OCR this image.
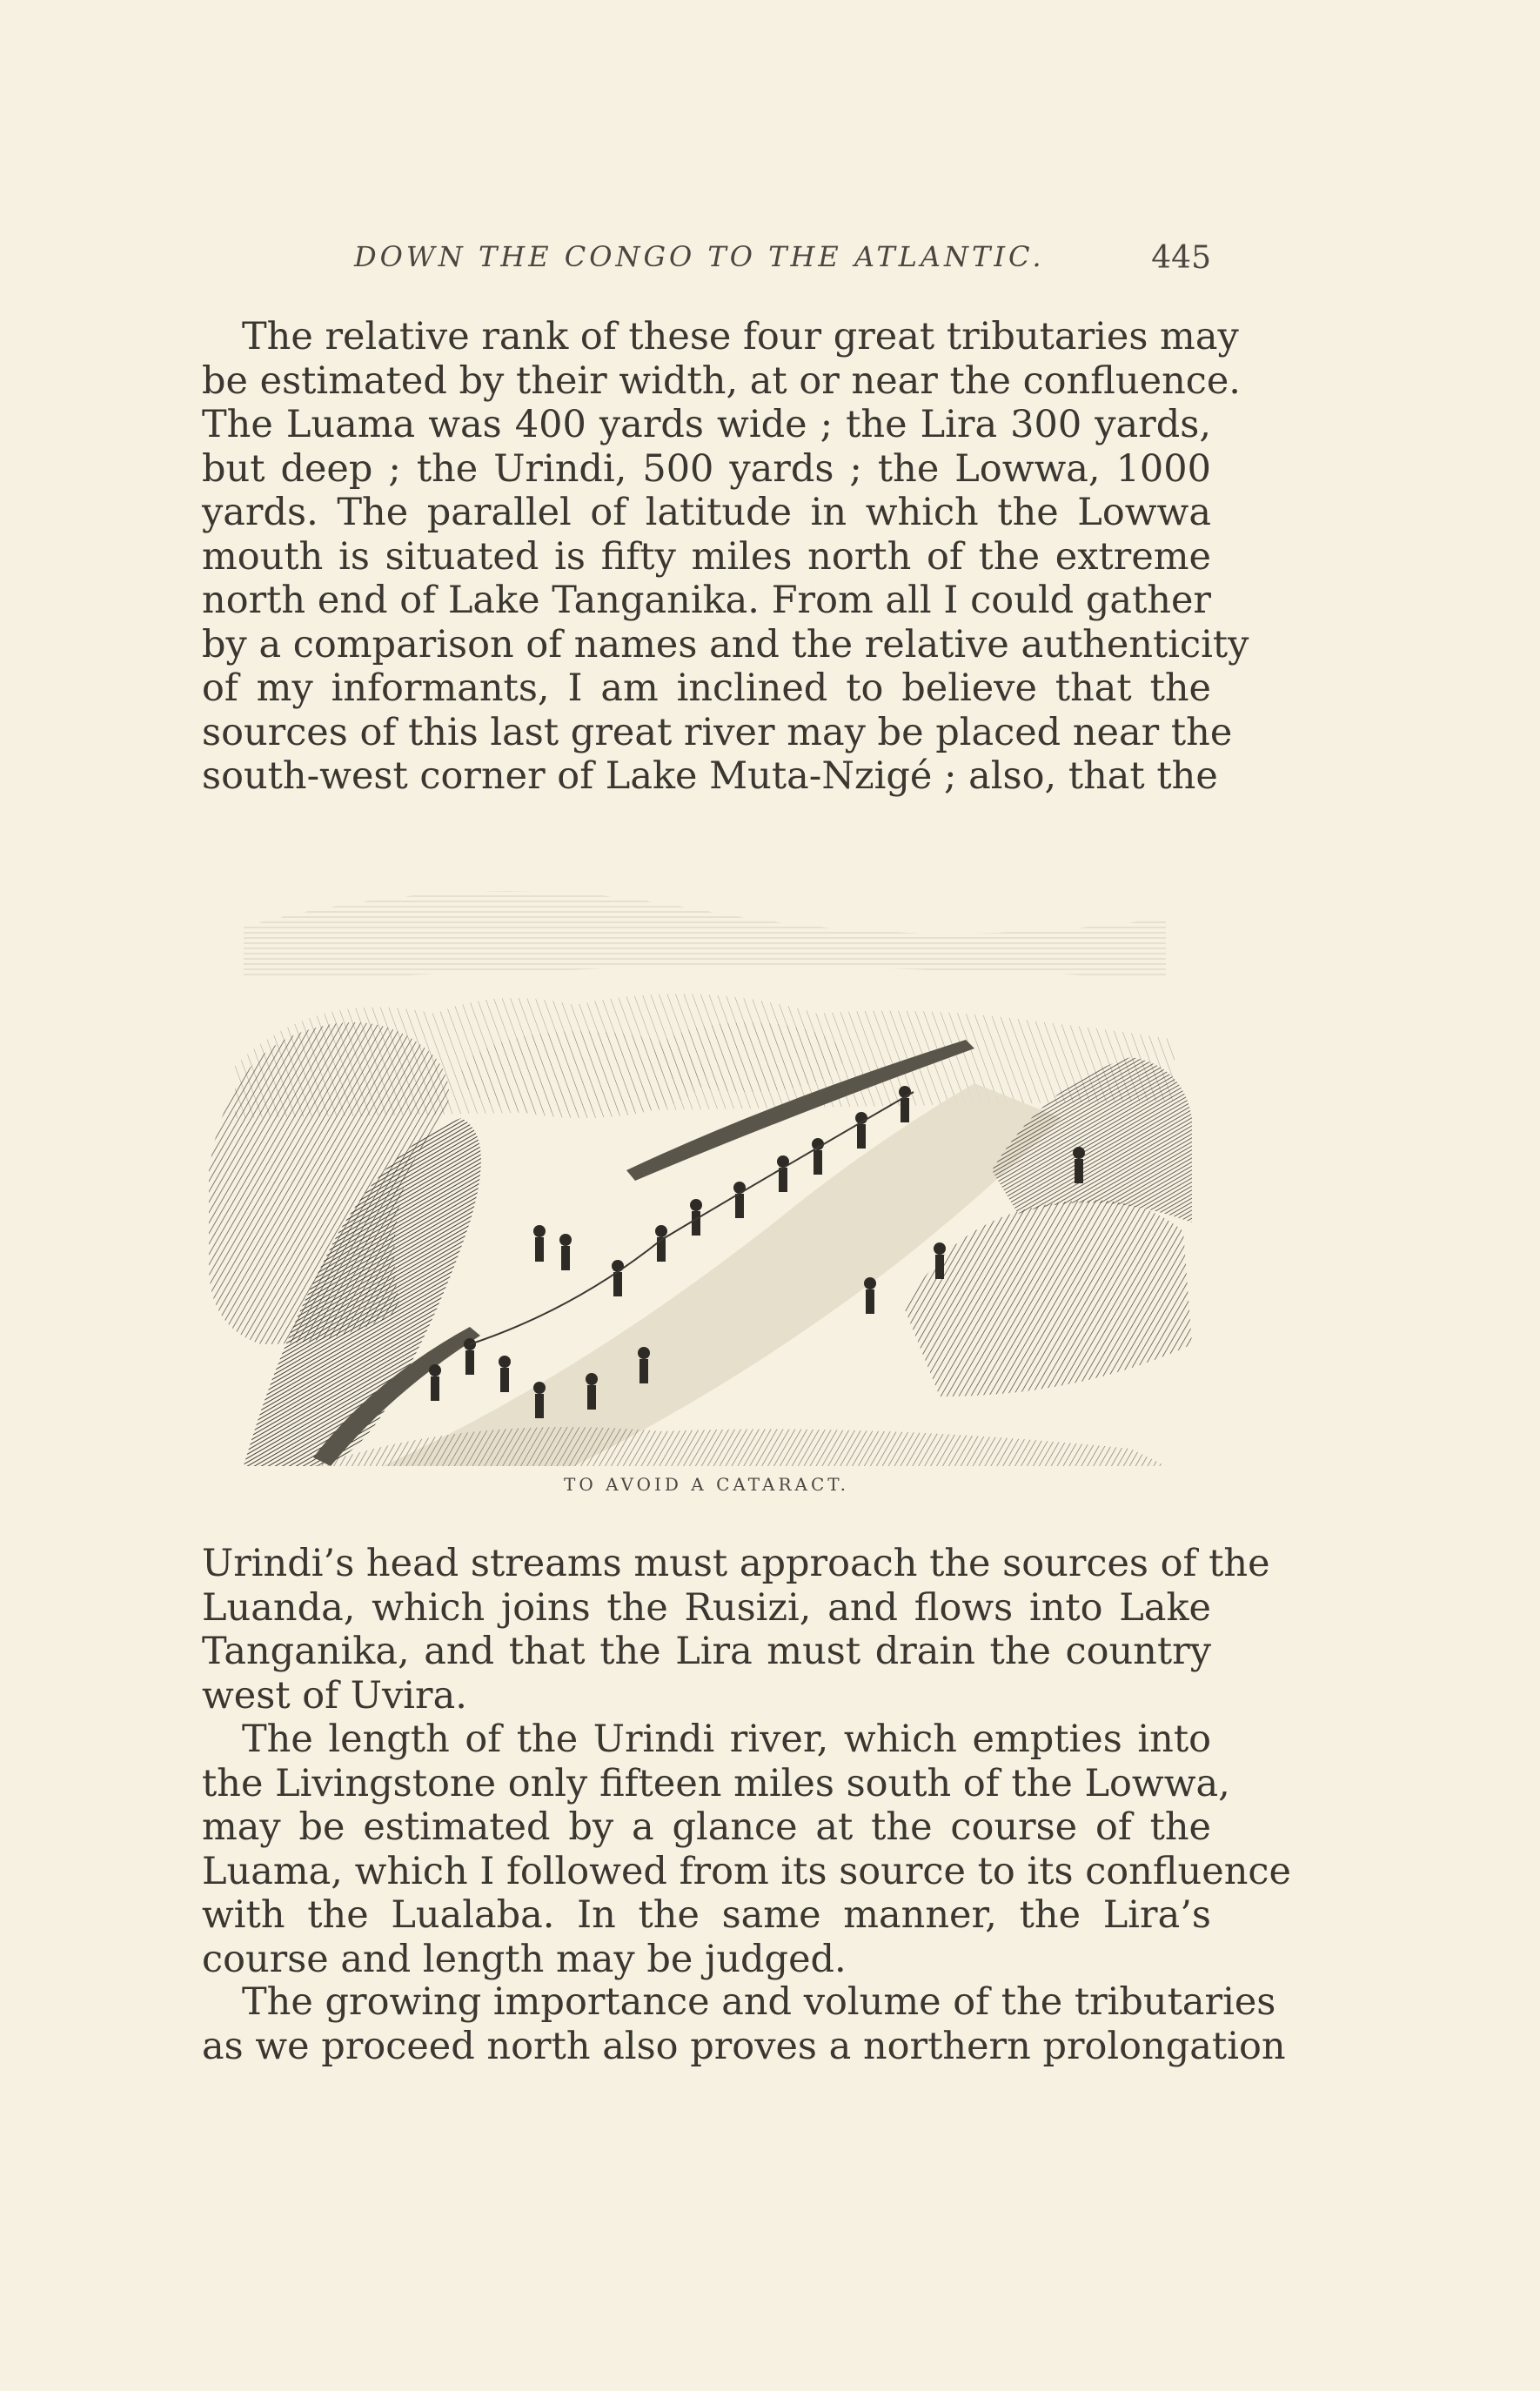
DOWN THE CONGO TO THE ATLANTIC.	445

The relative rank of these four great tributaries may
be estimated by their width, at or near the confluence.
The Luama was 400 yards wide ; the Lira 300 yards,
but deep ; the Urindi, 500 yards ; the Lowwa, 1000
yards. The parallel of latitude in which the Lowwa
mouth is situated is fifty miles north of the extreme
north end of Lake Tanganika. From all I could gather
by a comparison of names and the relative authenticity
of my informants, I am inclined to believe that the
sources of this last great river may be placed near the
south-west corner of Lake Muta-Nzigé ; also, that the

TO AVOID A CATARACT.

Urindi’s head streams must approach the sources of the
Luanda, which joins the Rusizi, and flows into Lake
Tanganika, and that the Lira must drain the country
west of Uvira.

The length of the Urindi river, which empties into
the Livingstone only fifteen miles south of the Lowwa,
may be estimated by a glance at the course of the
Luama, which I followed from its source to its confluence
with the Lualaba. In the same manner, the Lira’s
course and length may be judged.

The growing importance and volume of the tributaries
as we proceed north also proves a northern prolongation
